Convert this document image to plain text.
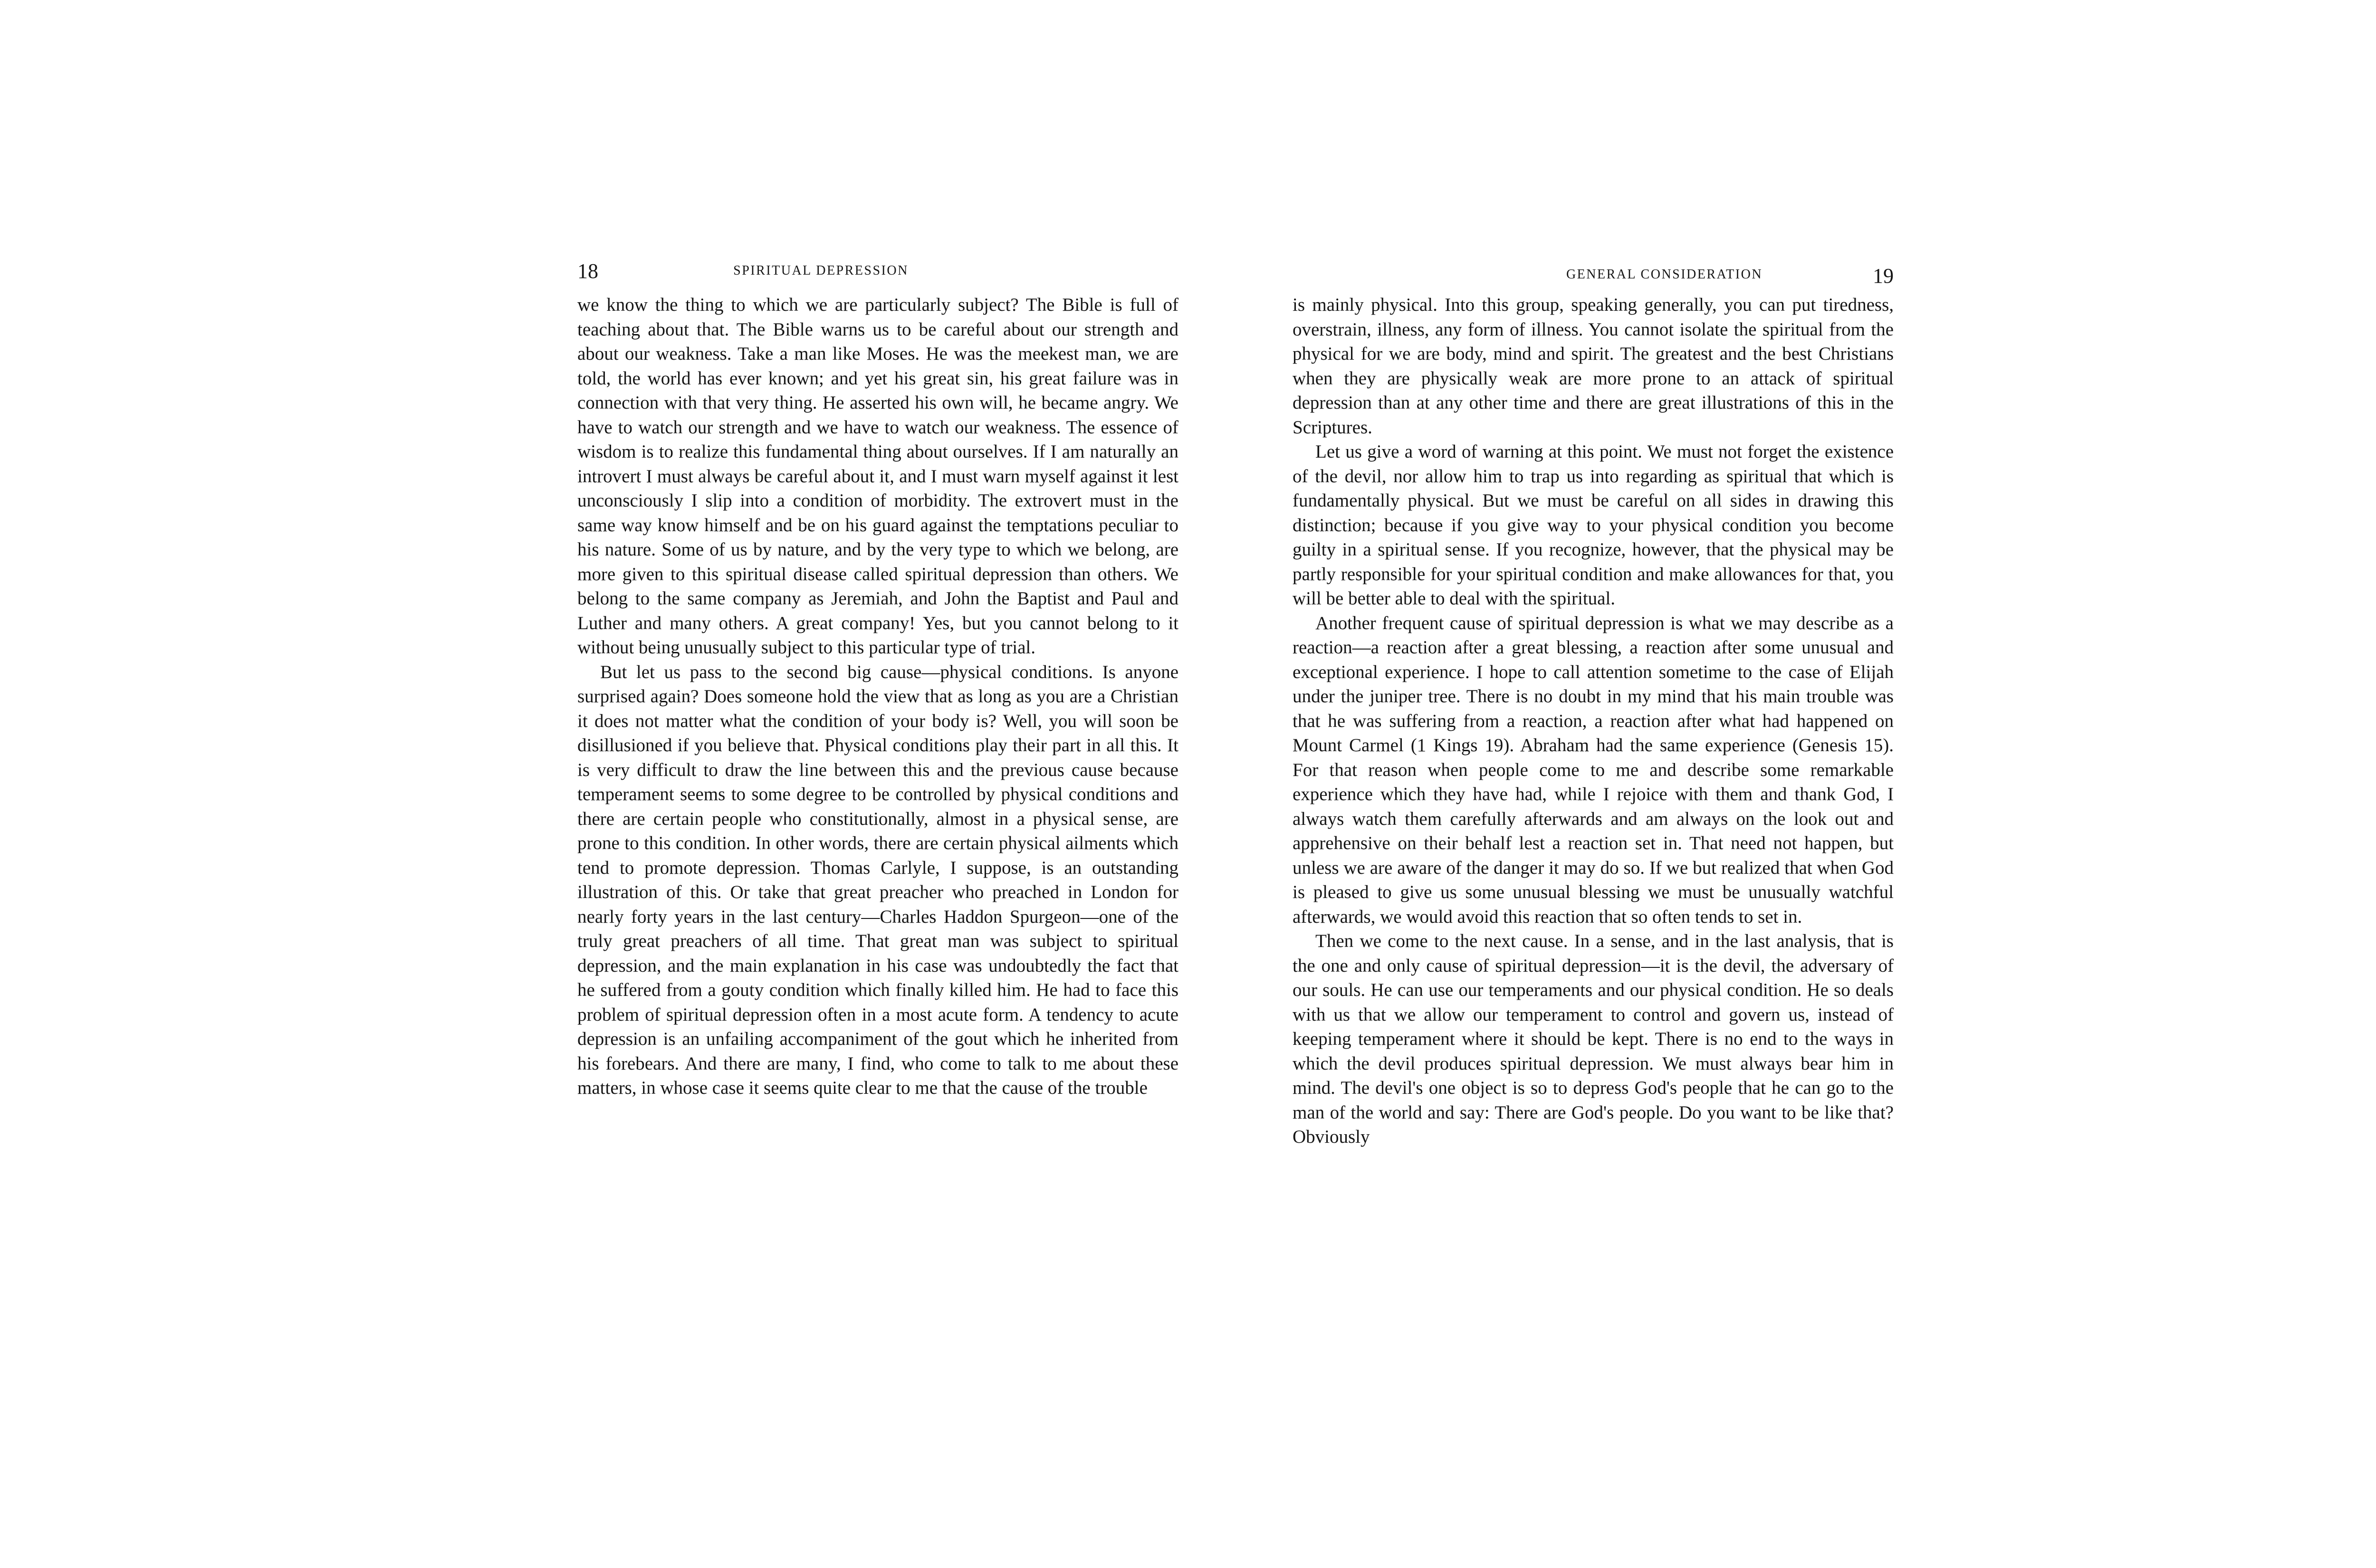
18	SPIRITUAL DEPRESSION

we know the thing to which we are particularly subject? The Bible is full of teaching about that. The Bible warns us to be careful about our strength and about our weakness. Take a man like Moses. He was the meekest man, we are told, the world has ever known; and yet his great sin, his great failure was in connection with that very thing. He asserted his own will, he became angry. We have to watch our strength and we have to watch our weakness. The essence of wisdom is to realize this fundamental thing about ourselves. If I am naturally an introvert I must always be careful about it, and I must warn myself against it lest unconsciously I slip into a condition of morbidity. The extrovert must in the same way know himself and be on his guard against the temptations peculiar to his nature. Some of us by nature, and by the very type to which we belong, are more given to this spiritual disease called spiritual depression than others. We belong to the same company as Jeremiah, and John the Baptist and Paul and Luther and many others. A great company! Yes, but you cannot belong to it without being unusually subject to this particular type of trial.

But let us pass to the second big cause—physical conditions. Is anyone surprised again? Does someone hold the view that as long as you are a Christian it does not matter what the condition of your body is? Well, you will soon be disillusioned if you believe that. Physical conditions play their part in all this. It is very difficult to draw the line between this and the previous cause because temperament seems to some degree to be controlled by physical conditions and there are certain people who constitutionally, almost in a physical sense, are prone to this condition. In other words, there are certain physical ailments which tend to promote depression. Thomas Carlyle, I suppose, is an outstanding illustration of this. Or take that great preacher who preached in London for nearly forty years in the last century—Charles Haddon Spurgeon—one of the truly great preachers of all time. That great man was subject to spiritual depression, and the main explanation in his case was undoubtedly the fact that he suffered from a gouty condition which finally killed him. He had to face this problem of spiritual depression often in a most acute form. A tendency to acute depression is an unfailing accompaniment of the gout which he inherited from his forebears. And there are many, I find, who come to talk to me about these matters, in whose case it seems quite clear to me that the cause of the trouble

GENERAL CONSIDERATION	19

is mainly physical. Into this group, speaking generally, you can put tiredness, overstrain, illness, any form of illness. You cannot isolate the spiritual from the physical for we are body, mind and spirit. The greatest and the best Christians when they are physically weak are more prone to an attack of spiritual depression than at any other time and there are great illustrations of this in the Scriptures.

Let us give a word of warning at this point. We must not forget the existence of the devil, nor allow him to trap us into regarding as spiritual that which is fundamentally physical. But we must be careful on all sides in drawing this distinction; because if you give way to your physical condition you become guilty in a spiritual sense. If you recognize, however, that the physical may be partly responsible for your spiritual condition and make allowances for that, you will be better able to deal with the spiritual.

Another frequent cause of spiritual depression is what we may describe as a reaction—a reaction after a great blessing, a reaction after some unusual and exceptional experience. I hope to call attention sometime to the case of Elijah under the juniper tree. There is no doubt in my mind that his main trouble was that he was suffering from a reaction, a reaction after what had happened on Mount Carmel (1 Kings 19). Abraham had the same experience (Genesis 15). For that reason when people come to me and describe some remarkable experience which they have had, while I rejoice with them and thank God, I always watch them carefully afterwards and am always on the look out and apprehensive on their behalf lest a reaction set in. That need not happen, but unless we are aware of the danger it may do so. If we but realized that when God is pleased to give us some unusual blessing we must be unusually watchful afterwards, we would avoid this reaction that so often tends to set in.

Then we come to the next cause. In a sense, and in the last analysis, that is the one and only cause of spiritual depression—it is the devil, the adversary of our souls. He can use our temperaments and our physical condition. He so deals with us that we allow our temperament to control and govern us, instead of keeping temperament where it should be kept. There is no end to the ways in which the devil produces spiritual depression. We must always bear him in mind. The devil's one object is so to depress God's people that he can go to the man of the world and say: There are God's people. Do you want to be like that? Obviously
